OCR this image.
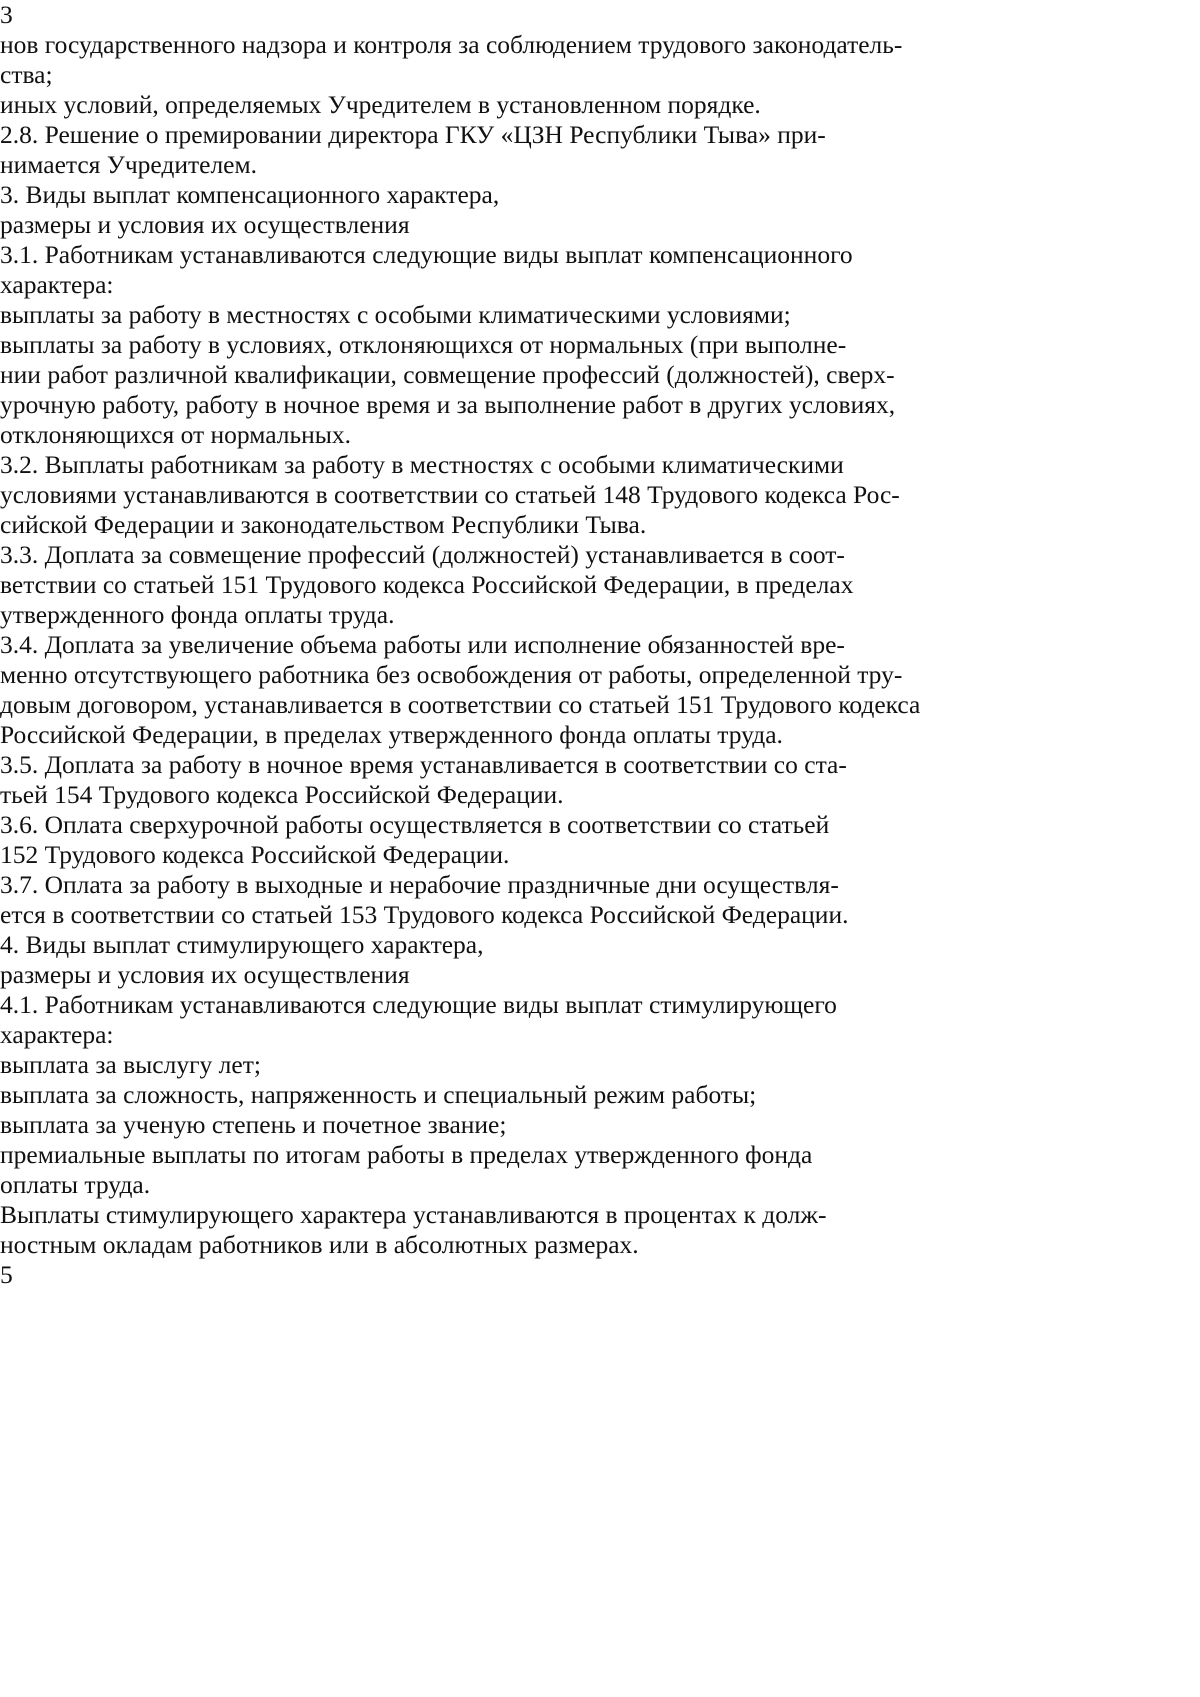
3
нов государственного надзора и контроля за соблюдением трудового законодатель-
ства;
иных условий, определяемых Учредителем в установленном порядке.
2.8. Решение о премировании директора ГКУ «ЦЗН Республики Тыва» при-
нимается Учредителем.
3. Виды выплат компенсационного характера,
размеры и условия их осуществления
3.1. Работникам устанавливаются следующие виды выплат компенсационного
характера:
выплаты за работу в местностях с особыми климатическими условиями;
выплаты за работу в условиях, отклоняющихся от нормальных (при выполне-
нии работ различной квалификации, совмещение профессий (должностей), сверх-
урочную работу, работу в ночное время и за выполнение работ в других условиях,
отклоняющихся от нормальных.
3.2. Выплаты работникам за работу в местностях с особыми климатическими
условиями устанавливаются в соответствии со статьей 148 Трудового кодекса Рос-
сийской Федерации и законодательством Республики Тыва.
3.3. Доплата за совмещение профессий (должностей) устанавливается в соот-
ветствии со статьей 151 Трудового кодекса Российской Федерации, в пределах
утвержденного фонда оплаты труда.
3.4. Доплата за увеличение объема работы или исполнение обязанностей вре-
менно отсутствующего работника без освобождения от работы, определенной тру-
довым договором, устанавливается в соответствии со статьей 151 Трудового кодекса
Российской Федерации, в пределах утвержденного фонда оплаты труда.
3.5. Доплата за работу в ночное время устанавливается в соответствии со ста-
тьей 154 Трудового кодекса Российской Федерации.
3.6. Оплата сверхурочной работы осуществляется в соответствии со статьей
152 Трудового кодекса Российской Федерации.
3.7. Оплата за работу в выходные и нерабочие праздничные дни осуществля-
ется в соответствии со статьей 153 Трудового кодекса Российской Федерации.
4. Виды выплат стимулирующего характера,
размеры и условия их осуществления
4.1. Работникам устанавливаются следующие виды выплат стимулирующего
характера:
выплата за выслугу лет;
выплата за сложность, напряженность и специальный режим работы;
выплата за ученую степень и почетное звание;
премиальные выплаты по итогам работы в пределах утвержденного фонда
оплаты труда.
Выплаты стимулирующего характера устанавливаются в процентах к долж-
ностным окладам работников или в абсолютных размерах.
5
